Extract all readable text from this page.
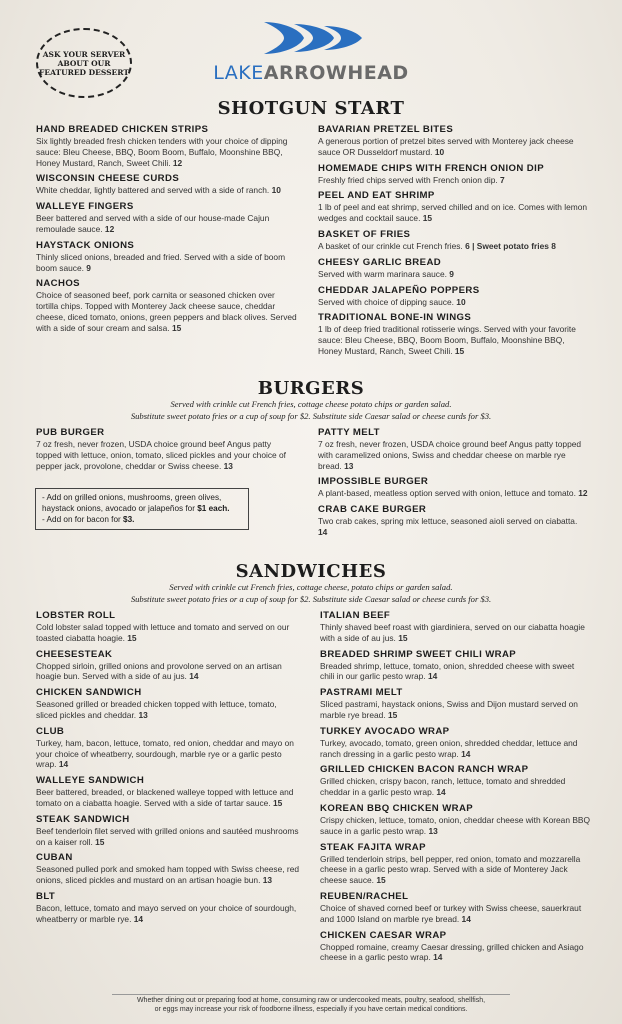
ASK YOUR SERVER ABOUT OUR FEATURED DESSERT	LAKEARROWHEAD
SHOTGUN START
HAND BREADED CHICKEN STRIPS

Six lightly breaded fresh chicken tenders with your choice of dipping sauce: Bleu Cheese, BBQ, Boom Boom, Buffalo, Moonshine BBQ, Honey Mustard, Ranch, Sweet Chili. 12

WISCONSIN CHEESE CURDS

White cheddar, lightly battered and served with a side of ranch. 10

WALLEYE FINGERS

Beer battered and served with a side of our house-made Cajun remoulade sauce. 12

HAYSTACK ONIONS

Thinly sliced onions, breaded and fried. Served with a side of boom boom sauce. 9

NACHOS

Choice of seasoned beef, pork carnita or seasoned chicken over tortilla chips. Topped with Monterey Jack cheese sauce, cheddar cheese, diced tomato, onions, green peppers and black olives. Served with a side of sour cream and salsa. 15

BAVARIAN PRETZEL BITES

A generous portion of pretzel bites served with Monterey jack cheese sauce OR Dusseldorf mustard. 10

HOMEMADE CHIPS WITH FRENCH ONION DIP

Freshly fried chips served with French onion dip. 7

PEEL AND EAT SHRIMP

1 lb of peel and eat shrimp, served chilled and on ice. Comes with lemon wedges and cocktail sauce. 15

BASKET OF FRIES

A basket of our crinkle cut French fries. 6 | Sweet potato fries 8

CHEESY GARLIC BREAD

Served with warm marinara sauce. 9

CHEDDAR JALAPEÑO POPPERS

Served with choice of dipping sauce. 10

TRADITIONAL BONE-IN WINGS

1 lb of deep fried traditional rotisserie wings. Served with your favorite sauce: Bleu Cheese, BBQ, Boom Boom, Buffalo, Moonshine BBQ, Honey Mustard, Ranch, Sweet Chili. 15

BURGERS
Served with crinkle cut French fries, cottage cheese potato chips or garden salad.
Substitute sweet potato fries or a cup of soup for $2. Substitute side Caesar salad or cheese curds for $3.
PUB BURGER

7 oz fresh, never frozen, USDA choice ground beef Angus patty topped with lettuce, onion, tomato, sliced pickles and your choice of pepper jack, provolone, cheddar or Swiss cheese. 13

- Add on grilled onions, mushrooms, green olives, haystack onions, avocado or jalapeños for $1 each.
- Add on for bacon for $3.
PATTY MELT

7 oz fresh, never frozen, USDA choice ground beef Angus patty topped with caramelized onions, Swiss and cheddar cheese on marble rye bread. 13

IMPOSSIBLE BURGER

A plant-based, meatless option served with onion, lettuce and tomato. 12

CRAB CAKE BURGER

Two crab cakes, spring mix lettuce, seasoned aioli served on ciabatta. 14

SANDWICHES
Served with crinkle cut French fries, cottage cheese, potato chips or garden salad.
Substitute sweet potato fries or a cup of soup for $2. Substitute side Caesar salad or cheese curds for $3.
LOBSTER ROLL

Cold lobster salad topped with lettuce and tomato and served on our toasted ciabatta hoagie. 15

CHEESESTEAK

Chopped sirloin, grilled onions and provolone served on an artisan hoagie bun. Served with a side of au jus. 14

CHICKEN SANDWICH

Seasoned grilled or breaded chicken topped with lettuce, tomato, sliced pickles and cheddar. 13

CLUB

Turkey, ham, bacon, lettuce, tomato, red onion, cheddar and mayo on your choice of wheatberry, sourdough, marble rye or a garlic pesto wrap. 14

WALLEYE SANDWICH

Beer battered, breaded, or blackened walleye topped with lettuce and tomato on a ciabatta hoagie. Served with a side of tartar sauce. 15

STEAK SANDWICH

Beef tenderloin filet served with grilled onions and sautéed mushrooms on a kaiser roll. 15

CUBAN

Seasoned pulled pork and smoked ham topped with Swiss cheese, red onions, sliced pickles and mustard on an artisan hoagie bun. 13

BLT

Bacon, lettuce, tomato and mayo served on your choice of sourdough, wheatberry or marble rye. 14

ITALIAN BEEF

Thinly shaved beef roast with giardiniera, served on our ciabatta hoagie with a side of au jus. 15

BREADED SHRIMP SWEET CHILI WRAP

Breaded shrimp, lettuce, tomato, onion, shredded cheese with sweet chili in our garlic pesto wrap. 14

PASTRAMI MELT

Sliced pastrami, haystack onions, Swiss and Dijon mustard served on marble rye bread. 15

TURKEY AVOCADO WRAP

Turkey, avocado, tomato, green onion, shredded cheddar, lettuce and ranch dressing in a garlic pesto wrap. 14

GRILLED CHICKEN BACON RANCH WRAP

Grilled chicken, crispy bacon, ranch, lettuce, tomato and shredded cheddar in a garlic pesto wrap. 14

KOREAN BBQ CHICKEN WRAP

Crispy chicken, lettuce, tomato, onion, cheddar cheese with Korean BBQ sauce in a garlic pesto wrap. 13

STEAK FAJITA WRAP

Grilled tenderloin strips, bell pepper, red onion, tomato and mozzarella cheese in a garlic pesto wrap. Served with a side of Monterey Jack cheese sauce. 15

REUBEN/RACHEL

Choice of shaved corned beef or turkey with Swiss cheese, sauerkraut and 1000 Island on marble rye bread. 14

CHICKEN CAESAR WRAP

Chopped romaine, creamy Caesar dressing, grilled chicken and Asiago cheese in a garlic pesto wrap. 14

Whether dining out or preparing food at home, consuming raw or undercooked meats, poultry, seafood, shellfish,
or eggs may increase your risk of foodborne illness, especially if you have certain medical conditions.
